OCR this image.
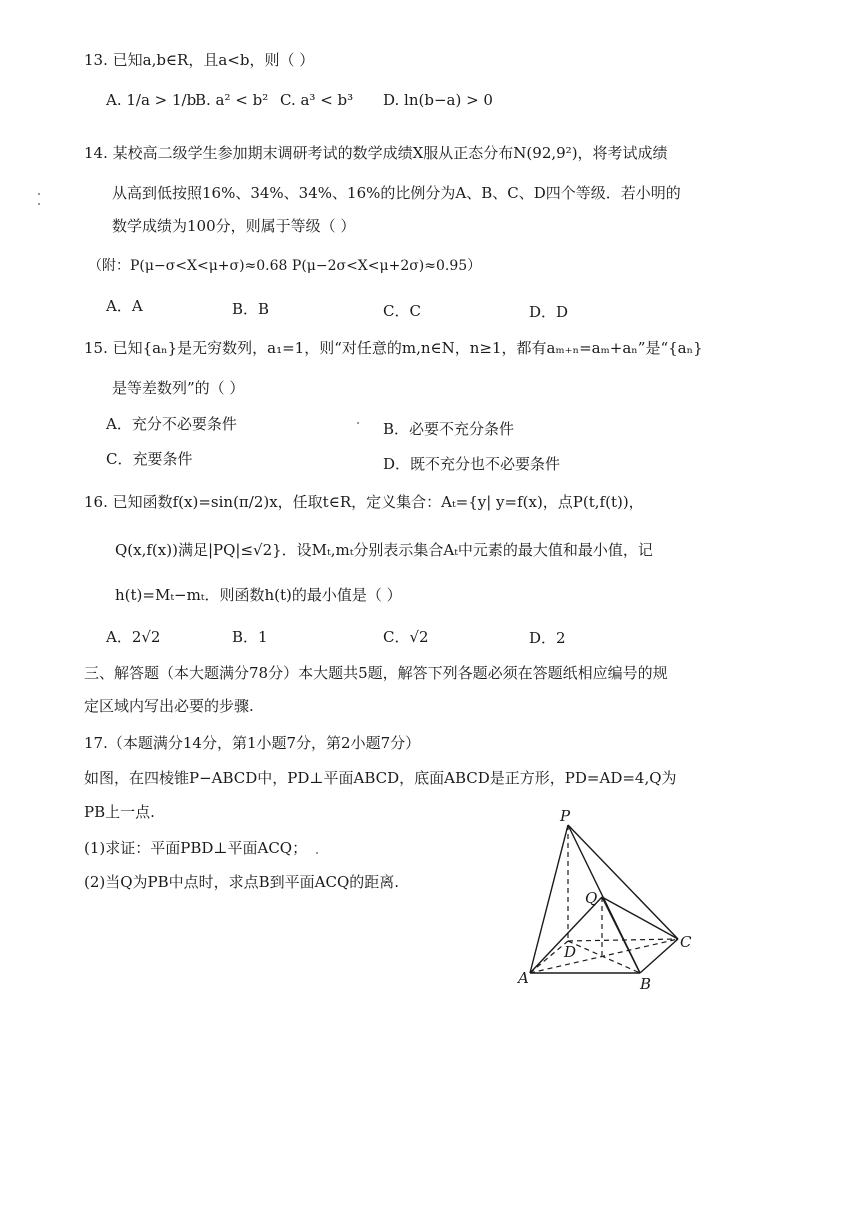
13. 已知a,b∈R，且a<b，则（ ）
A. 1/a > 1/b
B. a² < b² C. a³ < b³ D. ln(b−a) > 0
14. 某校高二级学生参加期末调研考试的数学成绩X服从正态分布N(92,9²)，将考试成绩
从高到低按照16%、34%、34%、16%的比例分为A、B、C、D四个等级．若小明的
数学成绩为100分，则属于等级（ ）
（附：P(μ−σ<X<μ+σ)≈0.68 P(μ−2σ<X<μ+2σ)≈0.95）
A．A	B．B	C．C	D．D
15. 已知{aₙ}是无穷数列，a₁=1，则“对任意的m,n∈N，n≥1，都有aₘ₊ₙ=aₘ+aₙ”是“{aₙ}
是等差数列”的（ ）
A．充分不必要条件	B．必要不充分条件
C．充要条件	D．既不充分也不必要条件
16. 已知函数f(x)=sin(π/2)x，任取t∈R，定义集合：Aₜ={y| y=f(x)，点P(t,f(t))，
Q(x,f(x))满足|PQ|≤√2}．设Mₜ,mₜ分别表示集合Aₜ中元素的最大值和最小值，记
h(t)=Mₜ−mₜ．则函数h(t)的最小值是（ ）
A．2√2	B．1	C．√2	D．2
三、解答题（本大题满分78分）本大题共5题，解答下列各题必须在答题纸相应编号的规
定区域内写出必要的步骤.
17.（本题满分14分，第1小题7分，第2小题7分）
如图，在四棱锥P−ABCD中，PD⊥平面ABCD，底面ABCD是正方形，PD=AD=4,Q为
PB上一点.
(1)求证：平面PBD⊥平面ACQ；
(2)当Q为PB中点时，求点B到平面ACQ的距离.
P
Q
D
C
A	B
